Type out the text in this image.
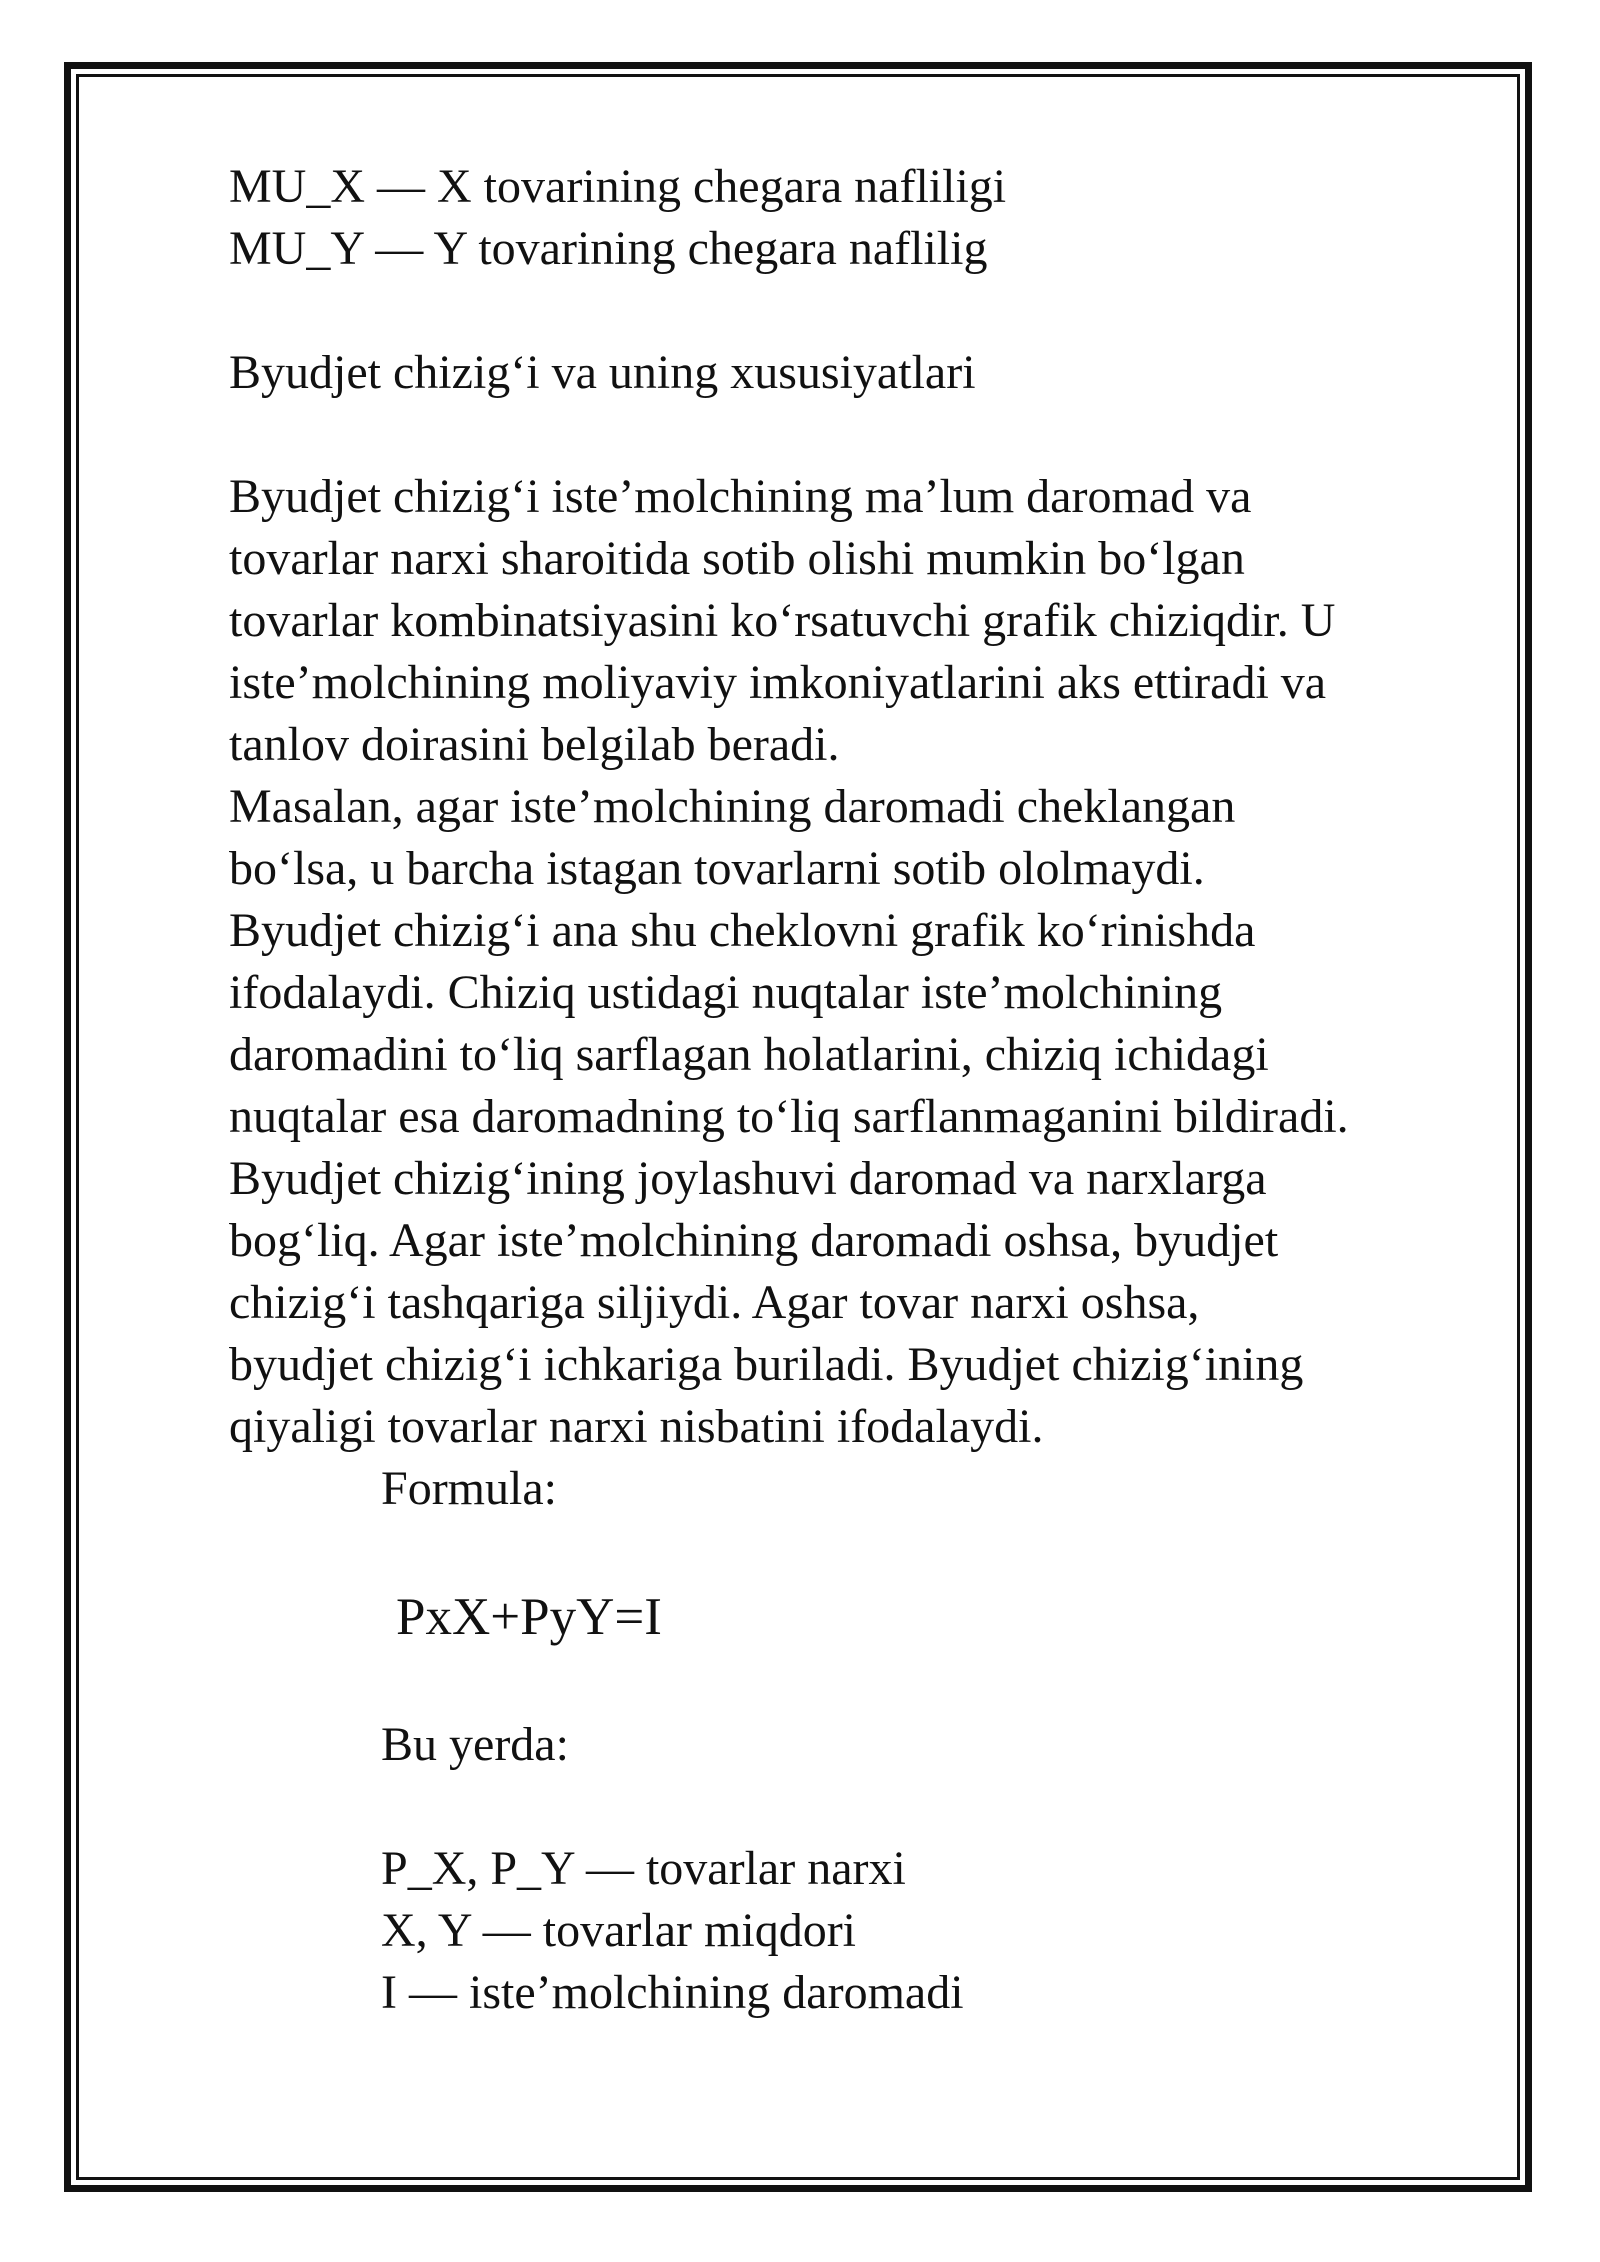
MU_X — X tovarining chegara nafliligi
MU_Y — Y tovarining chegara naflilig
Byudjet chizig‘i va uning xususiyatlari
Byudjet chizig‘i iste’molchining ma’lum daromad va
tovarlar narxi sharoitida sotib olishi mumkin bo‘lgan
tovarlar kombinatsiyasini ko‘rsatuvchi grafik chiziqdir. U
iste’molchining moliyaviy imkoniyatlarini aks ettiradi va
tanlov doirasini belgilab beradi.
Masalan, agar iste’molchining daromadi cheklangan
bo‘lsa, u barcha istagan tovarlarni sotib ololmaydi.
Byudjet chizig‘i ana shu cheklovni grafik ko‘rinishda
ifodalaydi. Chiziq ustidagi nuqtalar iste’molchining
daromadini to‘liq sarflagan holatlarini, chiziq ichidagi
nuqtalar esa daromadning to‘liq sarflanmaganini bildiradi.
Byudjet chizig‘ining joylashuvi daromad va narxlarga
bog‘liq. Agar iste’molchining daromadi oshsa, byudjet
chizig‘i tashqariga siljiydi. Agar tovar narxi oshsa,
byudjet chizig‘i ichkariga buriladi. Byudjet chizig‘ining
qiyaligi tovarlar narxi nisbatini ifodalaydi.
Formula:
PxX+PyY=I
Bu yerda:
P_X, P_Y — tovarlar narxi
X, Y — tovarlar miqdori
I — iste’molchining daromadi
